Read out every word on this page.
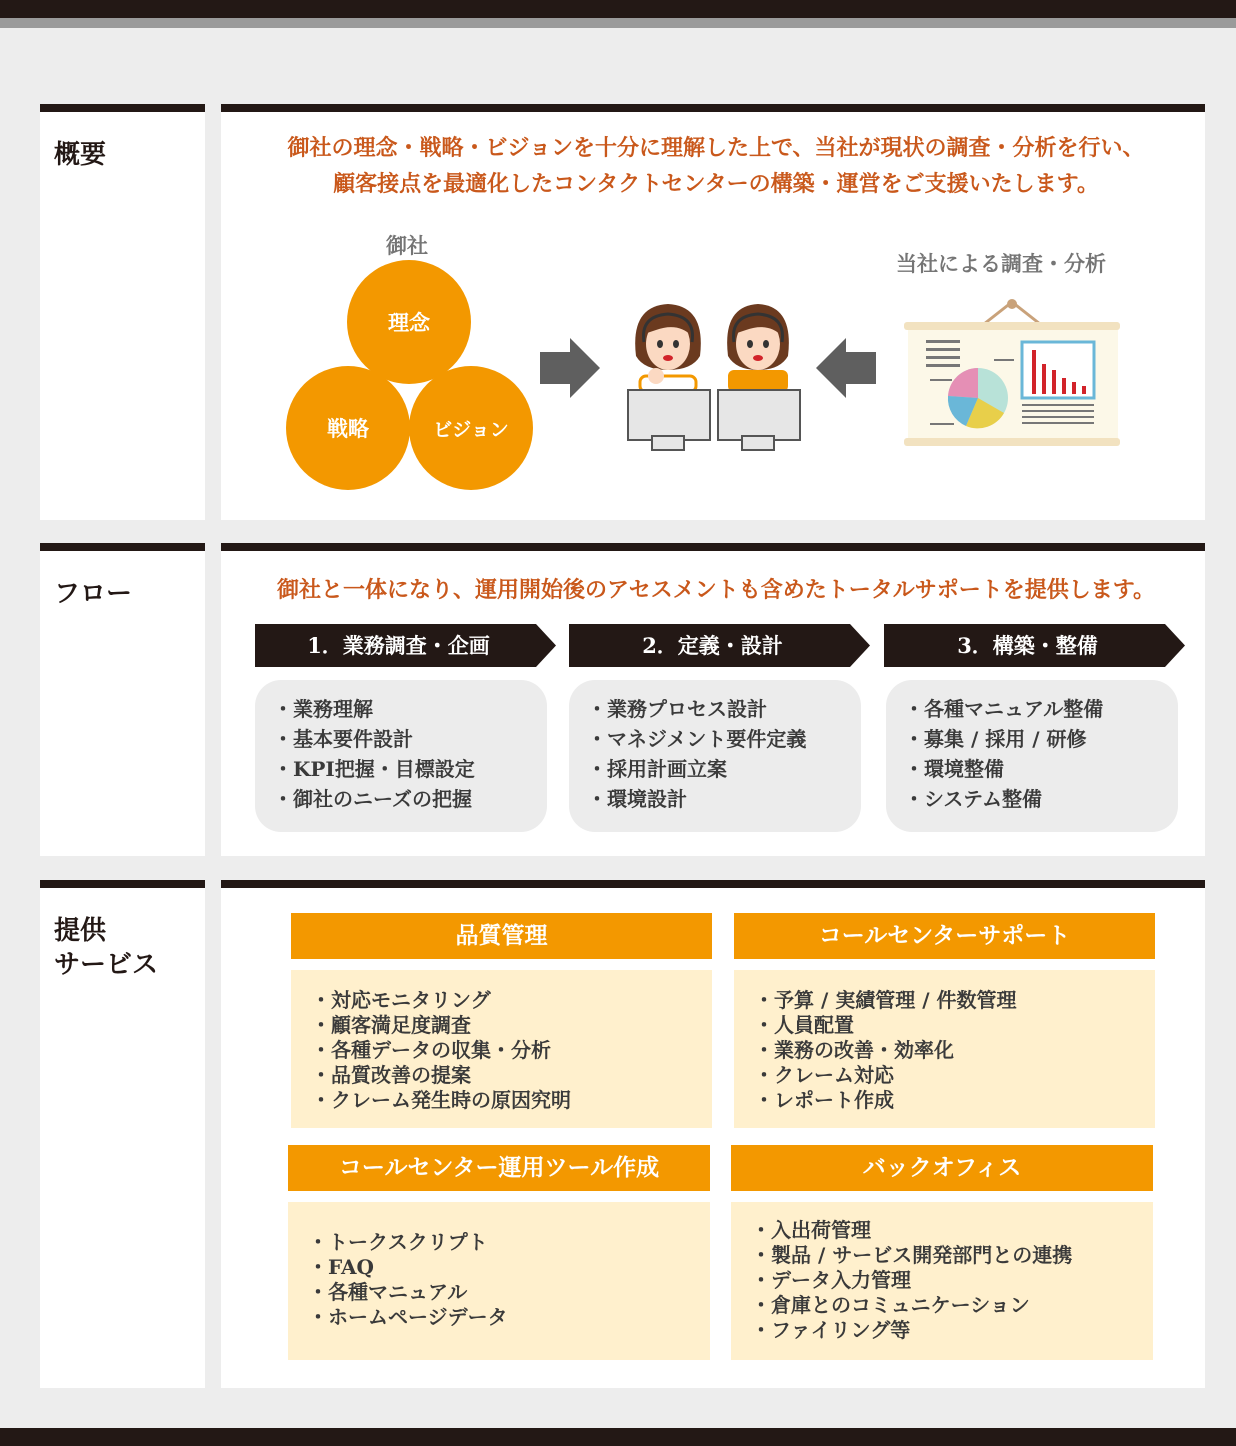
概要	御社の理念・戦略・ビジョンを十分に理解した上で、当社が現状の調査・分析を行い、
顧客接点を最適化したコンタクトセンターの構築・運営をご支援いたします。
御社
理念
戦略	ビジョン
当社による調査・分析
フロー	御社と一体になり、運用開始後のアセスメントも含めたトータルサポートを提供します。
1．業務調査・企画	2．定義・設計	3．構築・整備
・業務理解
・基本要件設計
・KPI把握・目標設定
・御社のニーズの把握
・業務プロセス設計
・マネジメント要件定義
・採用計画立案
・環境設計
・各種マニュアル整備
・募集 / 採用 / 研修
・環境整備
・システム整備
提供
サービス
品質管理
・対応モニタリング
・顧客満足度調査
・各種データの収集・分析
・品質改善の提案
・クレーム発生時の原因究明
コールセンターサポート
・予算 / 実績管理 / 件数管理
・人員配置
・業務の改善・効率化
・クレーム対応
・レポート作成
コールセンター運用ツール作成
・トークスクリプト
・FAQ
・各種マニュアル
・ホームページデータ
バックオフィス
・入出荷管理
・製品 / サービス開発部門との連携
・データ入力管理
・倉庫とのコミュニケーション
・ファイリング等
